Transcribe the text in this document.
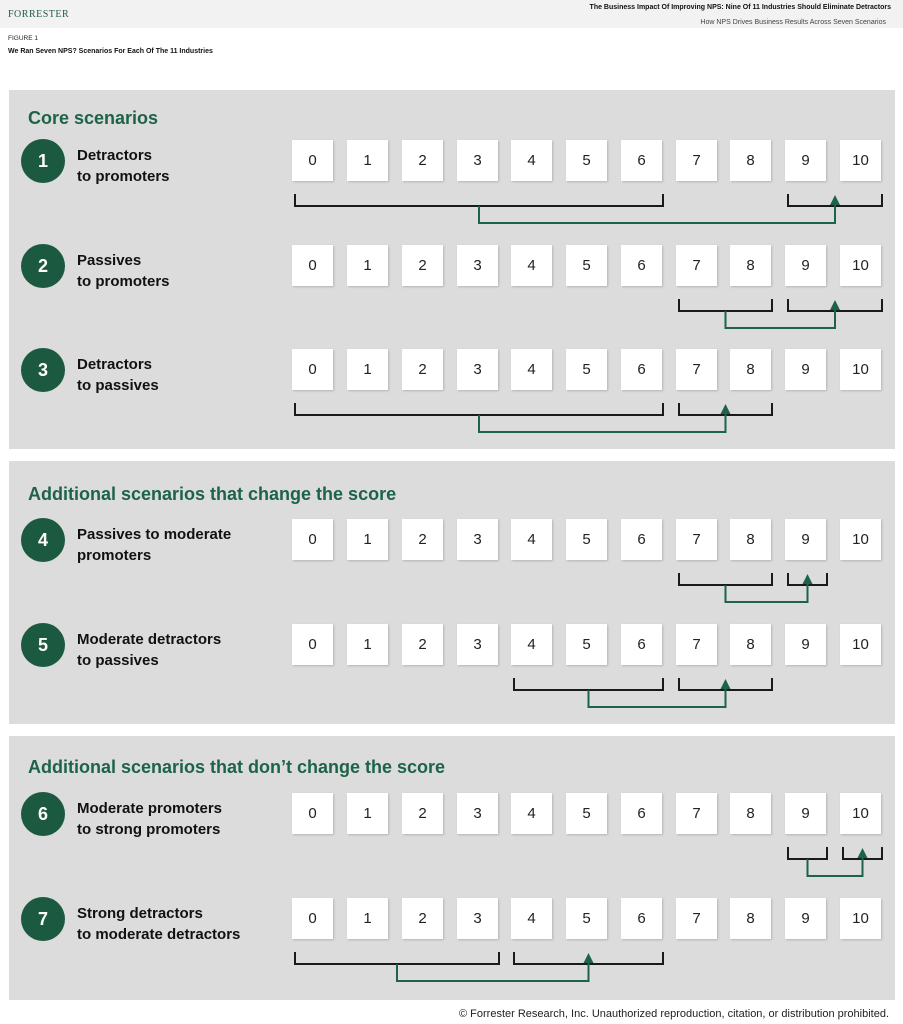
FORRESTER
The Business Impact Of Improving NPS: Nine Of 11 Industries Should Eliminate Detractors
How NPS Drives Business Results Across Seven Scenarios
FIGURE 1
We Ran Seven NPS? Scenarios For Each Of The 11 Industries
Core scenarios
1	Detractors
to promoters
0	1	2	3	4	5	6	7	8	9	10
2	Passives
to promoters
0	1	2	3	4	5	6	7	8	9	10
3	Detractors
to passives
0	1	2	3	4	5	6	7	8	9	10
Additional scenarios that change the score
4	Passives to moderate
promoters
0	1	2	3	4	5	6	7	8	9	10
5	Moderate detractors
to passives
0	1	2	3	4	5	6	7	8	9	10
Additional scenarios that don’t change the score
6	Moderate promoters
to strong promoters
0	1	2	3	4	5	6	7	8	9	10
7	Strong detractors
to moderate detractors
0	1	2	3	4	5	6	7	8	9	10
© Forrester Research, Inc. Unauthorized reproduction, citation, or distribution prohibited.
